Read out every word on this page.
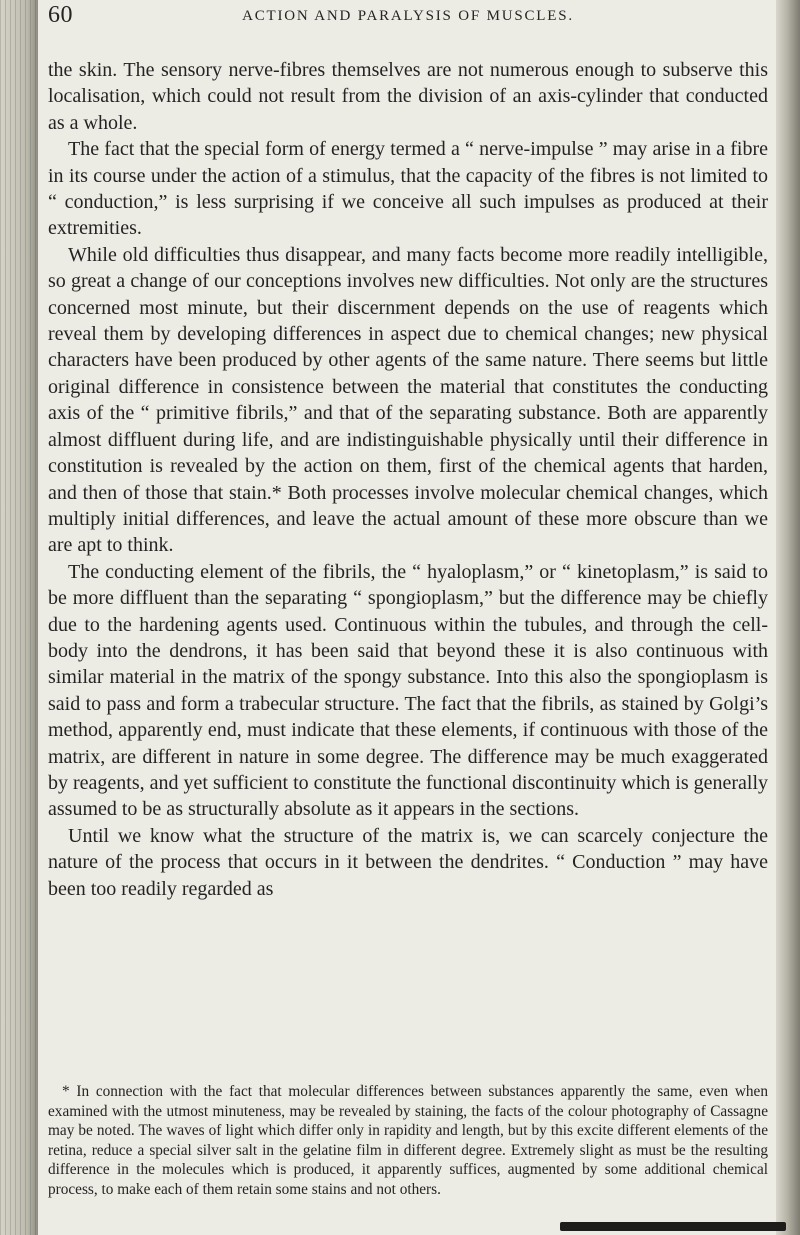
60	ACTION AND PARALYSIS OF MUSCLES.

the skin. The sensory nerve-fibres themselves are not numerous enough to subserve this localisation, which could not result from the division of an axis-cylinder that conducted as a whole.

The fact that the special form of energy termed a “ nerve-impulse ” may arise in a fibre in its course under the action of a stimulus, that the capacity of the fibres is not limited to “ conduction,” is less surprising if we conceive all such impulses as produced at their extremities.

While old difficulties thus disappear, and many facts become more readily intelligible, so great a change of our conceptions involves new difficulties. Not only are the structures concerned most minute, but their discernment depends on the use of reagents which reveal them by developing differences in aspect due to chemical changes; new physical characters have been produced by other agents of the same nature. There seems but little original difference in consistence between the material that constitutes the conducting axis of the “ primitive fibrils,” and that of the separating substance. Both are apparently almost diffluent during life, and are indistinguishable physically until their difference in constitution is revealed by the action on them, first of the chemical agents that harden, and then of those that stain.* Both processes involve molecular chemical changes, which multiply initial differences, and leave the actual amount of these more obscure than we are apt to think.

The conducting element of the fibrils, the “ hyaloplasm,” or “ kinetoplasm,” is said to be more diffluent than the separating “ spongioplasm,” but the difference may be chiefly due to the hardening agents used. Continuous within the tubules, and through the cell-body into the dendrons, it has been said that beyond these it is also continuous with similar material in the matrix of the spongy substance. Into this also the spongioplasm is said to pass and form a trabecular structure. The fact that the fibrils, as stained by Golgi’s method, apparently end, must indicate that these elements, if continuous with those of the matrix, are different in nature in some degree. The difference may be much exaggerated by reagents, and yet sufficient to constitute the functional discontinuity which is generally assumed to be as structurally absolute as it appears in the sections.

Until we know what the structure of the matrix is, we can scarcely conjecture the nature of the process that occurs in it between the dendrites. “ Conduction ” may have been too readily regarded as

* In connection with the fact that molecular differences between substances apparently the same, even when examined with the utmost minuteness, may be revealed by staining, the facts of the colour photography of Cassagne may be noted. The waves of light which differ only in rapidity and length, but by this excite different elements of the retina, reduce a special silver salt in the gelatine film in different degree. Extremely slight as must be the resulting difference in the molecules which is produced, it apparently suffices, augmented by some additional chemical process, to make each of them retain some stains and not others.
